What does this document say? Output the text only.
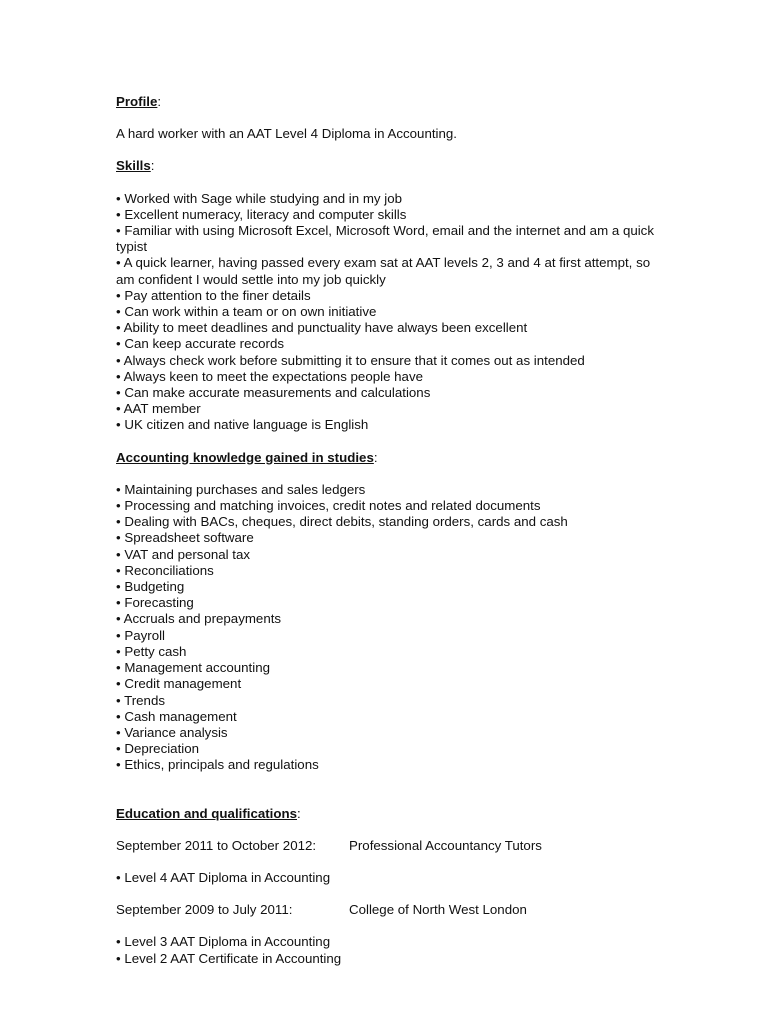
Profile:

A hard worker with an AAT Level 4 Diploma in Accounting.

Skills:

• Worked with Sage while studying and in my job
• Excellent numeracy, literacy and computer skills
• Familiar with using Microsoft Excel, Microsoft Word, email and the internet and am a quick typist
• A quick learner, having passed every exam sat at AAT levels 2, 3 and 4 at first attempt, so am confident I would settle into my job quickly
• Pay attention to the finer details
• Can work within a team or on own initiative
• Ability to meet deadlines and punctuality have always been excellent
• Can keep accurate records
• Always check work before submitting it to ensure that it comes out as intended
• Always keen to meet the expectations people have
• Can make accurate measurements and calculations
• AAT member
• UK citizen and native language is English

Accounting knowledge gained in studies:

• Maintaining purchases and sales ledgers
• Processing and matching invoices, credit notes and related documents
• Dealing with BACs, cheques, direct debits, standing orders, cards and cash
• Spreadsheet software
• VAT and personal tax
• Reconciliations
• Budgeting
• Forecasting
• Accruals and prepayments
• Payroll
• Petty cash
• Management accounting
• Credit management
• Trends
• Cash management
• Variance analysis
• Depreciation
• Ethics, principals and regulations

Education and qualifications:

September 2011 to October 2012:	Professional Accountancy Tutors
• Level 4 AAT Diploma in Accounting
September 2009 to July 2011:	College of North West London
• Level 3 AAT Diploma in Accounting
• Level 2 AAT Certificate in Accounting
